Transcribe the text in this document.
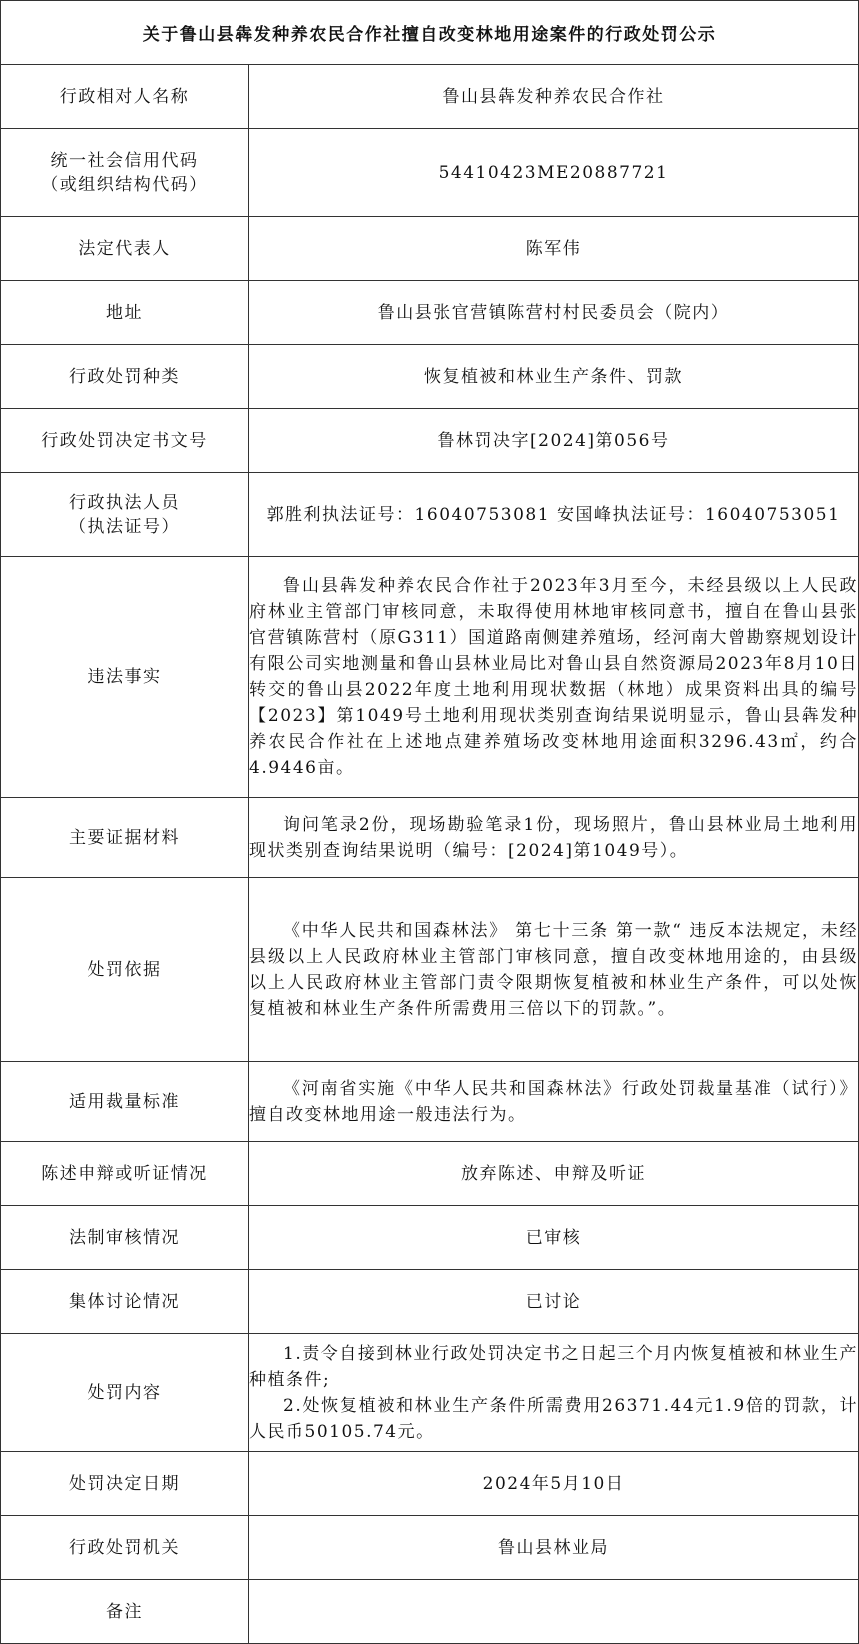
关于鲁山县犇发种养农民合作社擅自改变林地用途案件的行政处罚公示	
行政相对人名称	鲁山县犇发种养农民合作社

统一社会信用代码
（或组织结构代码）	54410423ME20887721
法定代表人	陈军伟
地址	鲁山县张官营镇陈营村村民委员会（院内）
行政处罚种类	恢复植被和林业生产条件、罚款
行政处罚决定书文号	鲁林罚决字[2024]第056号

行政执法人员
（执法证号）	郭胜利执法证号：16040753081 安国峰执法证号：16040753051
违法事实	鲁山县犇发种养农民合作社于2023年3月至今，未经县级以上人民政府林业主管部门审核同意，未取得使用林地审核同意书，擅自在鲁山县张官营镇陈营村（原G311）国道路南侧建养殖场，经河南大曾勘察规划设计有限公司实地测量和鲁山县林业局比对鲁山县自然资源局2023年8月10日转交的鲁山县2022年度土地利用现状数据（林地）成果资料出具的编号【2023】第1049号土地利用现状类别查询结果说明显示，鲁山县犇发种养农民合作社在上述地点建养殖场改变林地用途面积3296.43㎡，约合4.9446亩。

主要证据材料	询问笔录2份，现场勘验笔录1份，现场照片，鲁山县林业局土地利用现状类别查询结果说明（编号：[2024]第1049号）。

处罚依据	《中华人民共和国森林法》 第七十三条 第一款“ 违反本法规定，未经县级以上人民政府林业主管部门审核同意，擅自改变林地用途的，由县级以上人民政府林业主管部门责令限期恢复植被和林业生产条件，可以处恢复植被和林业生产条件所需费用三倍以下的罚款。”。

适用裁量标准	《河南省实施《中华人民共和国森林法》行政处罚裁量基准（试行）》擅自改变林地用途一般违法行为。

陈述申辩或听证情况	放弃陈述、申辩及听证
法制审核情况	已审核
集体讨论情况	已讨论
处罚内容	1.责令自接到林业行政处罚决定书之日起三个月内恢复植被和林业生产种植条件;

2.处恢复植被和林业生产条件所需费用26371.44元1.9倍的罚款，计人民币50105.74元。

处罚决定日期	2024年5月10日
行政处罚机关	鲁山县林业局
备注	
